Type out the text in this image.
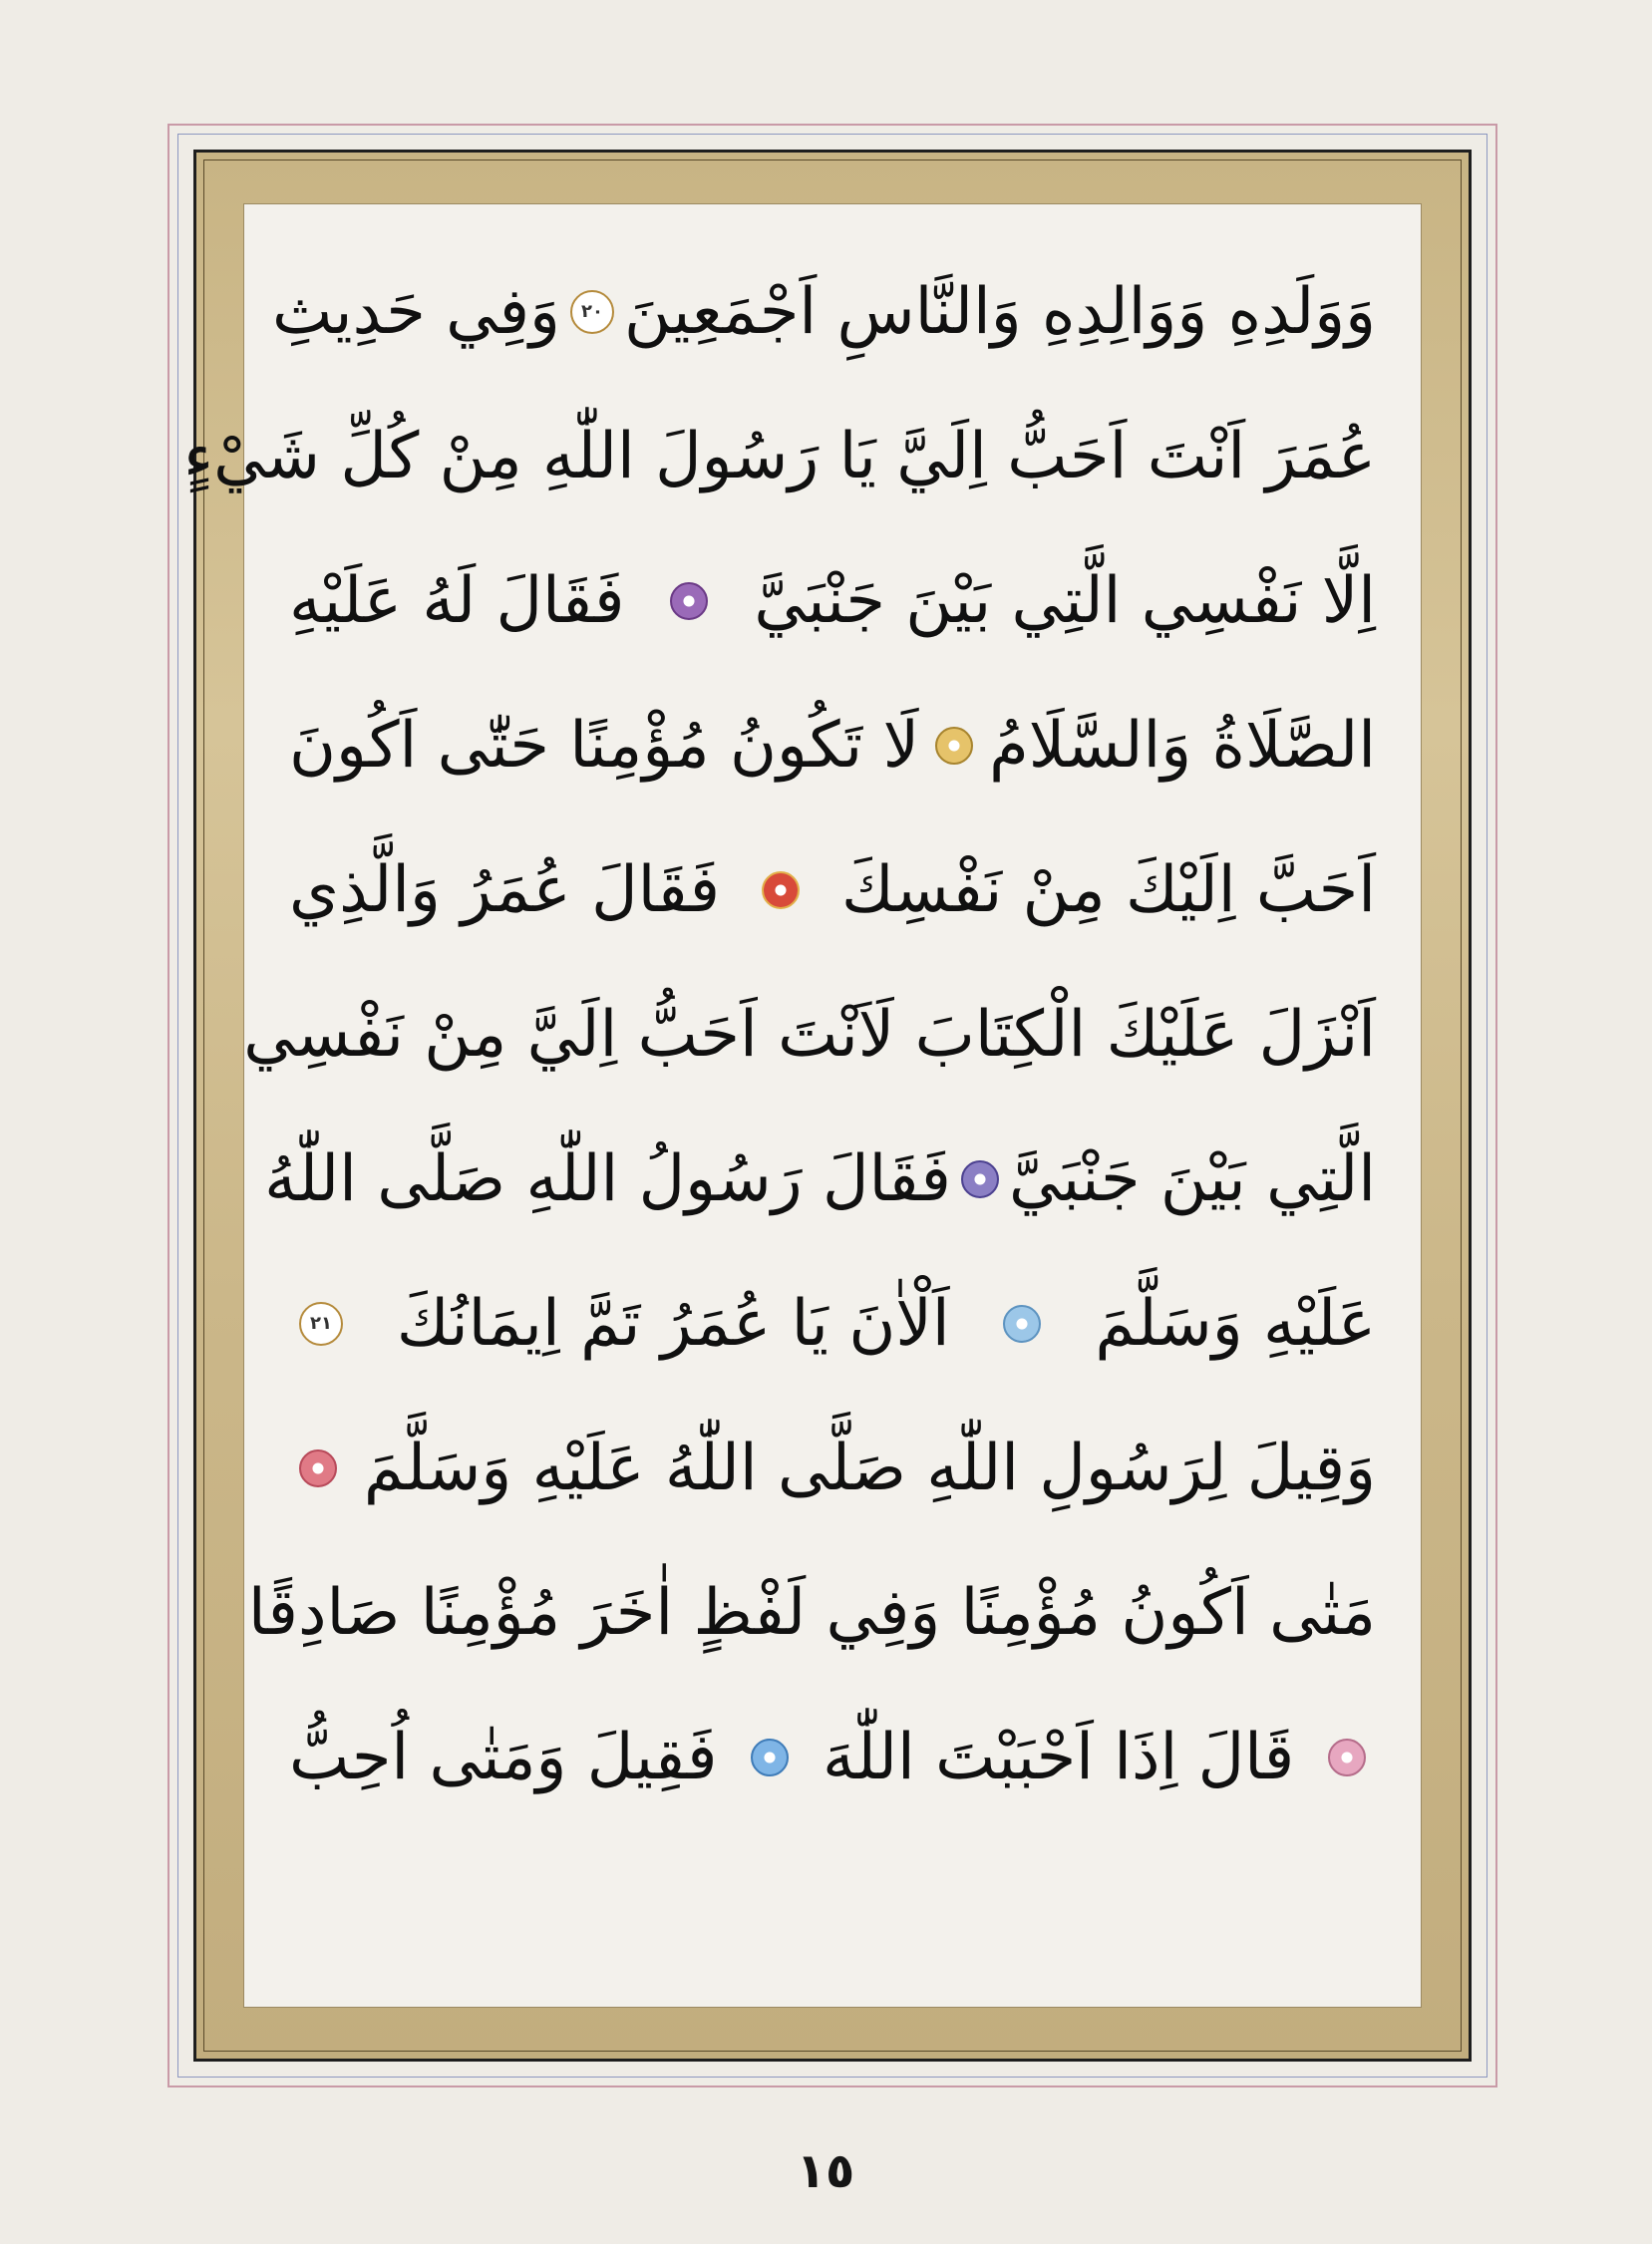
وَوَلَدِهِ وَوَالِدِهِ وَالنَّاسِ اَجْمَعِينَ
٢٠
وَفِي حَدِيثِ
عُمَرَ اَنْتَ اَحَبُّ اِلَيَّ يَا رَسُولَ اللّٰهِ مِنْ كُلِّ شَيْءٍ
اِلَّا نَفْسِي الَّتِي بَيْنَ جَنْبَيَّ
فَقَالَ لَهُ عَلَيْهِ
الصَّلَاةُ وَالسَّلَامُ
لَا تَكُونُ مُؤْمِنًا حَتّٰى اَكُونَ
اَحَبَّ اِلَيْكَ مِنْ نَفْسِكَ
فَقَالَ عُمَرُ وَالَّذِي
اَنْزَلَ عَلَيْكَ الْكِتَابَ لَاَنْتَ اَحَبُّ اِلَيَّ مِنْ نَفْسِي
الَّتِي بَيْنَ جَنْبَيَّ
فَقَالَ رَسُولُ اللّٰهِ صَلَّى اللّٰهُ
عَلَيْهِ وَسَلَّمَ
اَلْاٰنَ يَا عُمَرُ تَمَّ اِيمَانُكَ
٢١
وَقِيلَ لِرَسُولِ اللّٰهِ صَلَّى اللّٰهُ عَلَيْهِ وَسَلَّمَ
مَتٰى اَكُونُ مُؤْمِنًا وَفِي لَفْظٍ اٰخَرَ مُؤْمِنًا صَادِقًا
قَالَ اِذَا اَحْبَبْتَ اللّٰهَ
فَقِيلَ وَمَتٰى اُحِبُّ
١٥
